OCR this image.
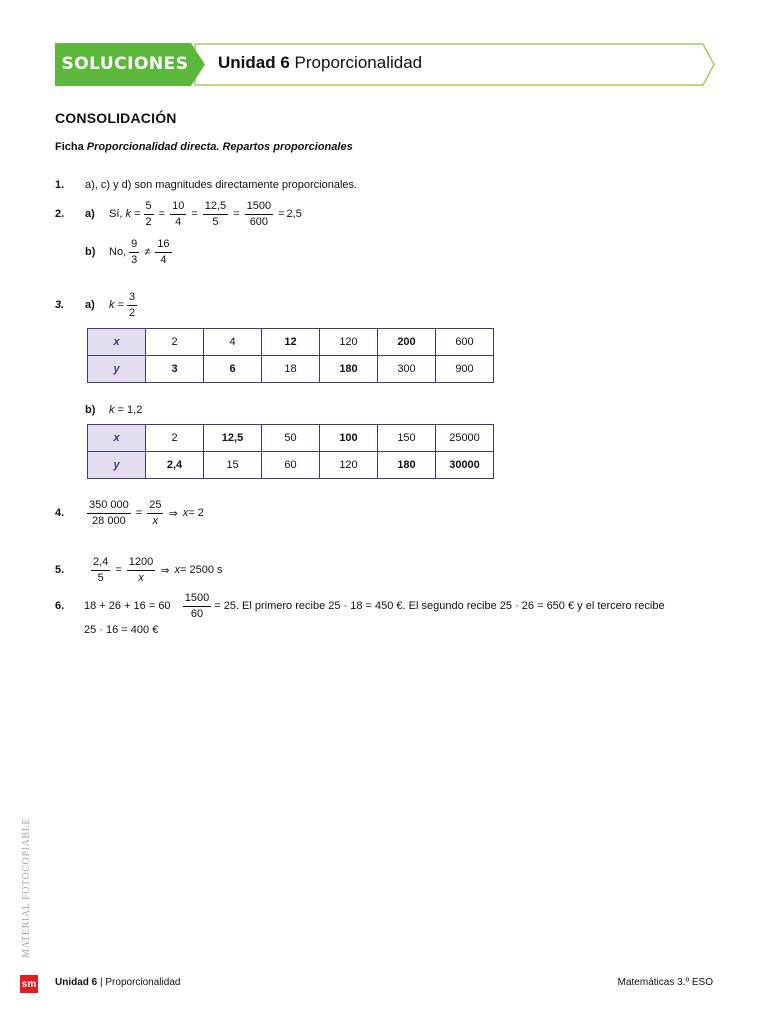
SOLUCIONES	Unidad 6 Proporcionalidad
CONSOLIDACIÓN
Ficha Proporcionalidad directa. Repartos proporcionales
1. a), c) y d) son magnitudes directamente proporcionales.
2. a) Sí,
k
= $\frac{5}{2} = \frac{10}{4} = \frac{12,5}{5} = \frac{1500}{600} = 2,5$
b) No, $\frac{9}{3} \ne \frac{16}{4}$
3. a) k
= $\frac{3}{2}$
x	2	4	12	120	200	600
y	3	6	18	180	300	900
b) k = 1,2
x	2	12,5	50	100	150	25000
y	2,4	15	60	120	180	30000
4. $\frac{350 000}{28 000} = \frac{25}{x}$ ⇒
x = 2
5. $\frac{2,4}{5} = \frac{1200}{x}$ ⇒
x = 2500 s
6. 18 + 26 + 16 = 60
$\frac{1500}{60} = 25$ . El primero recibe 25 · 18 = 450 €. El segundo recibe 25 · 26 = 650 € y el tercero recibe
25 · 16 = 400 €
MATERIAL FOTOCOPIABLE
sm Unidad 6 | Proporcionalidad	Matemáticas 3.º ESO
